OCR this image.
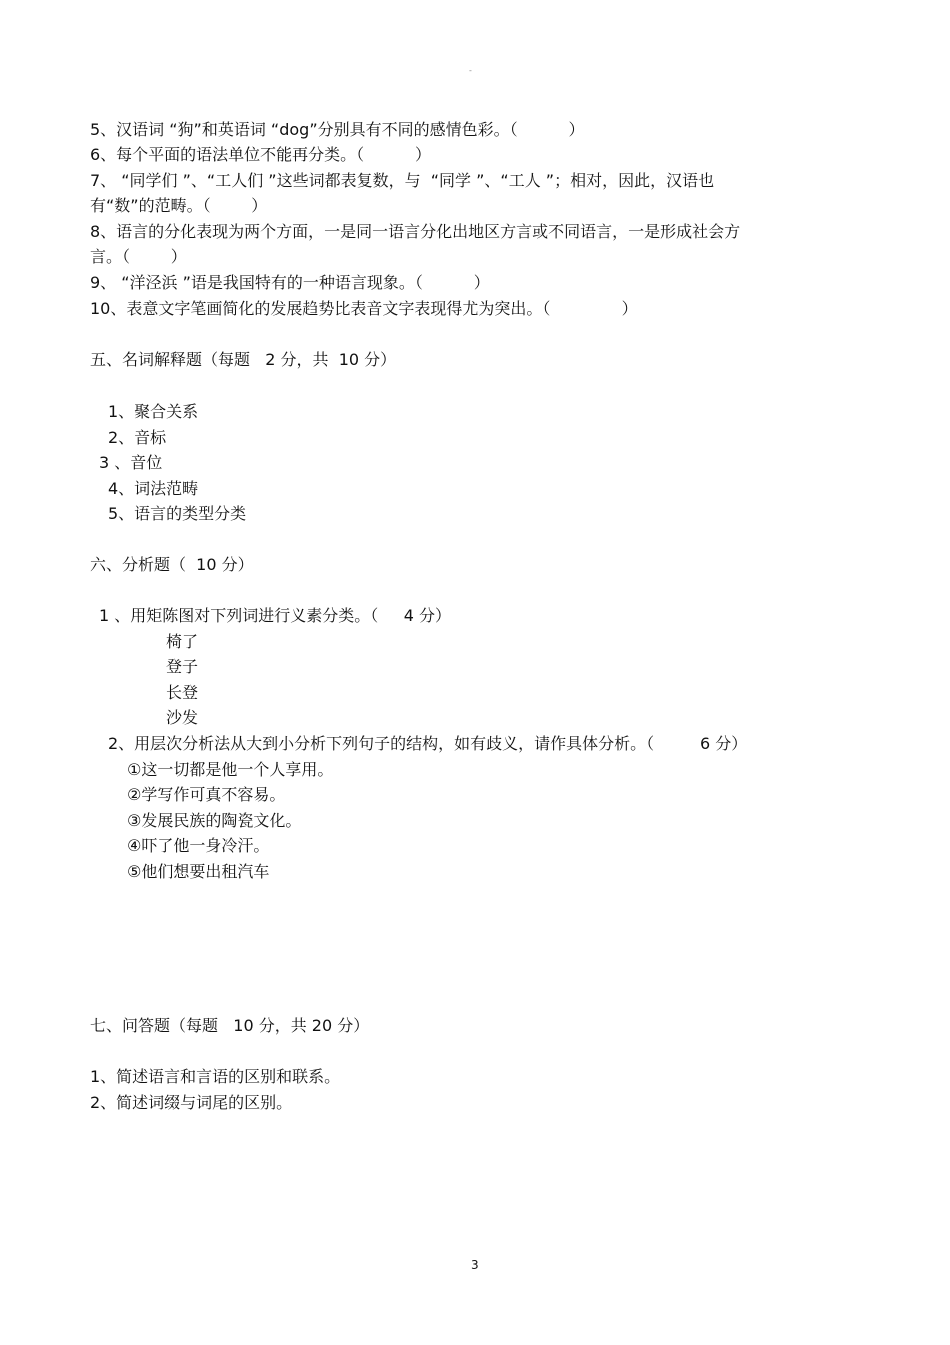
-
5、汉语词 “狗”和英语词 “dog”分别具有不同的感情色彩。（          ）
6、每个平面的语法单位不能再分类。（          ）
7、 “同学们 ”、“工人们 ”这些词都表复数，与  “同学 ”、“工人 ”；相对，因此，汉语也
有“数”的范畴。（        ）
8、语言的分化表现为两个方面，一是同一语言分化出地区方言或不同语言，一是形成社会方
言。（        ）
9、 “洋泾浜 ”语是我国特有的一种语言现象。（          ）
10、表意文字笔画简化的发展趋势比表音文字表现得尤为突出。（              ）
五、名词解释题（每题   2 分，共  10 分）
1、聚合关系
2、音标
3 、音位
4、词法范畴
5、语言的类型分类
六、分析题（  10 分）
1 、用矩陈图对下列词进行义素分类。（     4 分）
椅了
登子
长登
沙发
2、用层次分析法从大到小分析下列句子的结构，如有歧义，请作具体分析。（         6 分）
①这一切都是他一个人享用。
②学写作可真不容易。
③发展民族的陶瓷文化。
④吓了他一身冷汗。
⑤他们想要出租汽车
七、问答题（每题   10 分，共 20 分）
1、简述语言和言语的区别和联系。
2、简述词缀与词尾的区别。
3
